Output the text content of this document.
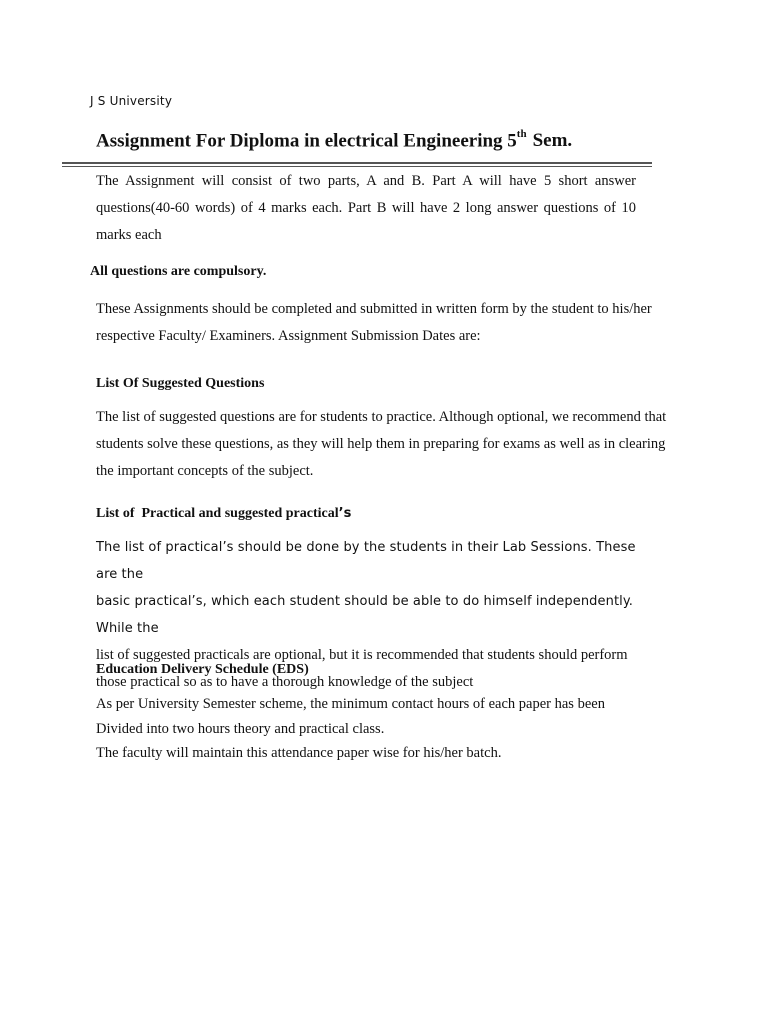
J S University
Assignment For Diploma in electrical Engineering 5th Sem.
The Assignment will consist of two parts, A and B. Part A will have 5 short answer questions(40-60 words) of 4 marks each. Part B will have 2 long answer questions of 10 marks each
All questions are compulsory.
These Assignments should be completed and submitted in written form by the student to his/her respective Faculty/ Examiners. Assignment Submission Dates are:
List Of Suggested Questions
The list of suggested questions are for students to practice. Although optional, we recommend that students solve these questions, as they will help them in preparing for exams as well as in clearing the important concepts of the subject.
List of  Practical and suggested practical’s
The list of practical’s should be done by the students in their Lab Sessions. These are the
basic practical’s, which each student should be able to do himself independently. While the
list of suggested practicals are optional, but it is recommended that students should perform
those practical so as to have a thorough knowledge of the subject
Education Delivery Schedule (EDS)
As per University Semester scheme, the minimum contact hours of each paper has been
Divided into two hours theory and practical class.
The faculty will maintain this attendance paper wise for his/her batch.
